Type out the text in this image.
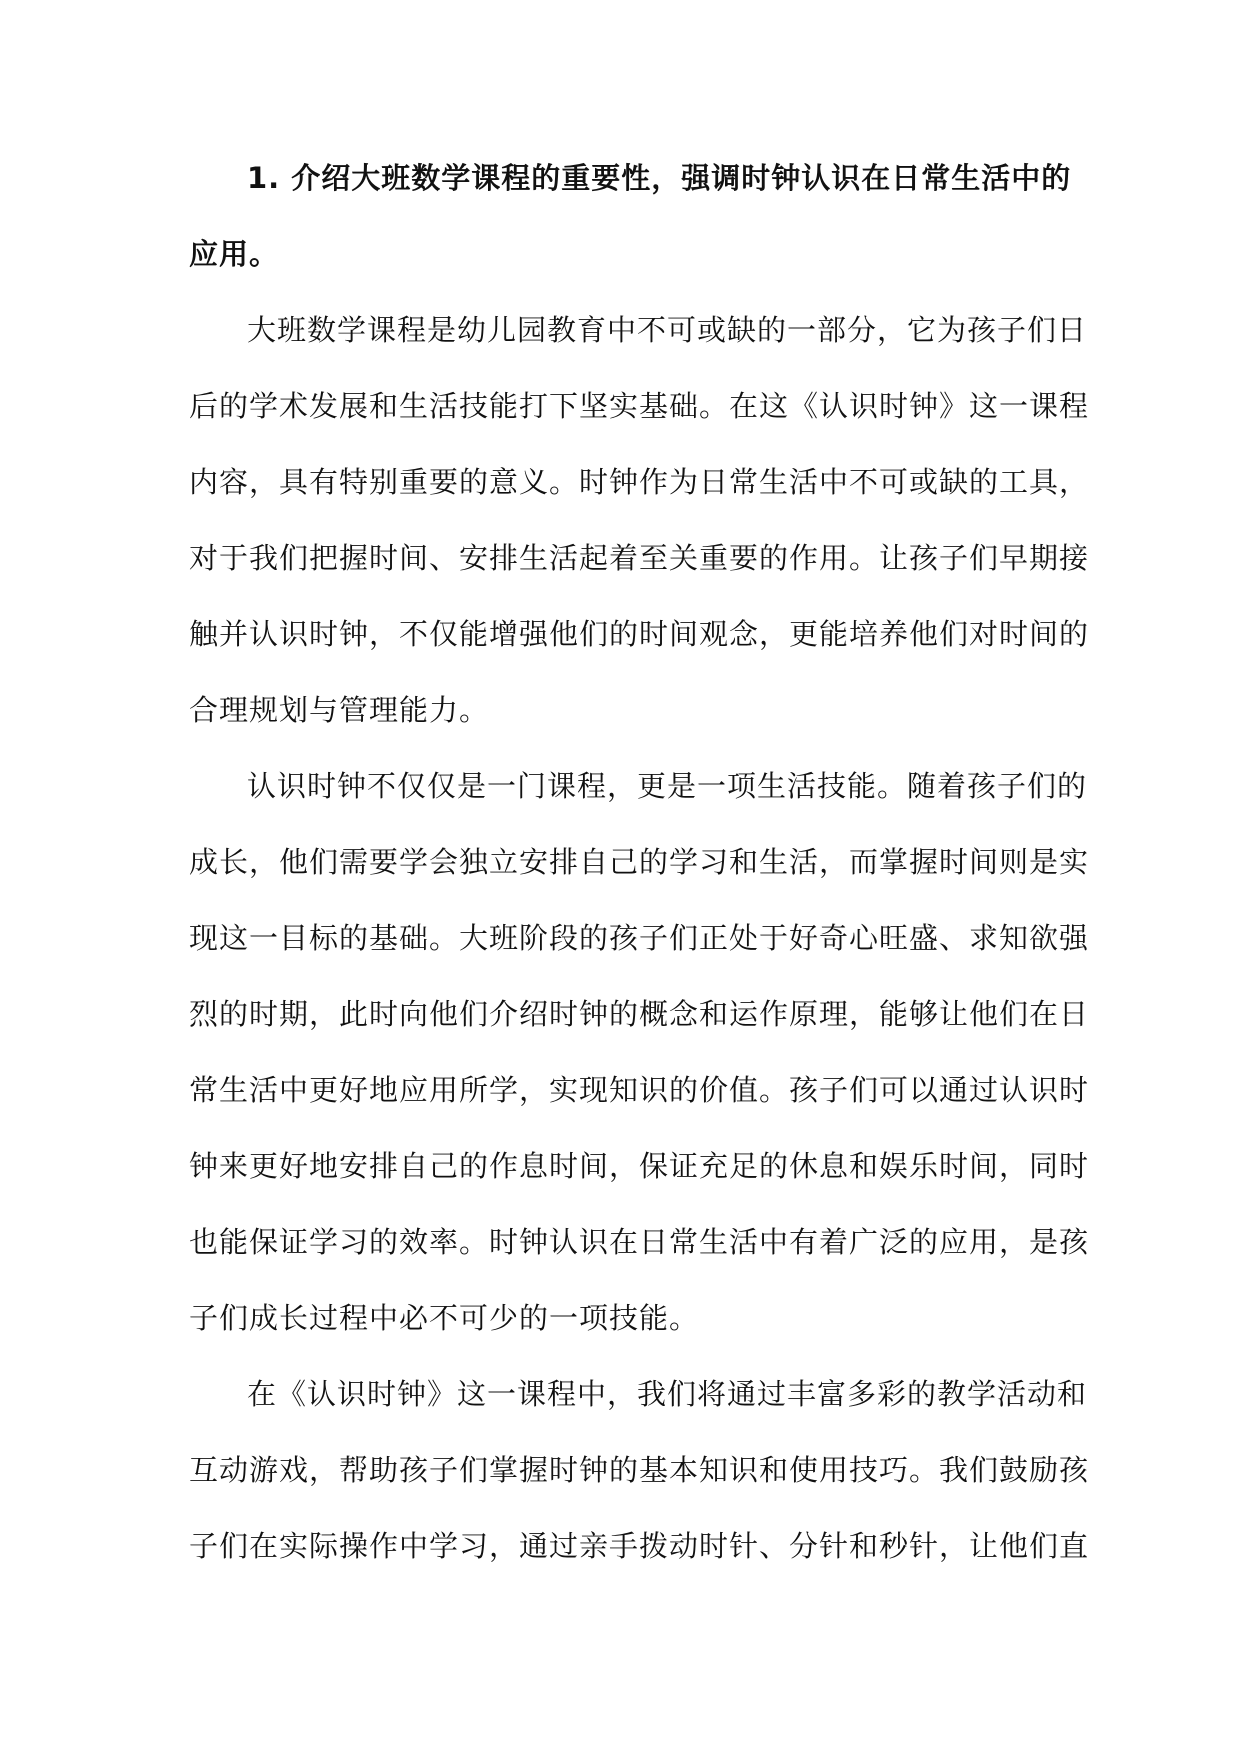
1. 介绍大班数学课程的重要性，强调时钟认识在日常生活中的
应用。
大班数学课程是幼儿园教育中不可或缺的一部分，它为孩子们日
后的学术发展和生活技能打下坚实基础。在这《认识时钟》这一课程
内容，具有特别重要的意义。时钟作为日常生活中不可或缺的工具，
对于我们把握时间、安排生活起着至关重要的作用。让孩子们早期接
触并认识时钟，不仅能增强他们的时间观念，更能培养他们对时间的
合理规划与管理能力。
认识时钟不仅仅是一门课程，更是一项生活技能。随着孩子们的
成长，他们需要学会独立安排自己的学习和生活，而掌握时间则是实
现这一目标的基础。大班阶段的孩子们正处于好奇心旺盛、求知欲强
烈的时期，此时向他们介绍时钟的概念和运作原理，能够让他们在日
常生活中更好地应用所学，实现知识的价值。孩子们可以通过认识时
钟来更好地安排自己的作息时间，保证充足的休息和娱乐时间，同时
也能保证学习的效率。时钟认识在日常生活中有着广泛的应用，是孩
子们成长过程中必不可少的一项技能。
在《认识时钟》这一课程中，我们将通过丰富多彩的教学活动和
互动游戏，帮助孩子们掌握时钟的基本知识和使用技巧。我们鼓励孩
子们在实际操作中学习，通过亲手拨动时针、分针和秒针，让他们直
